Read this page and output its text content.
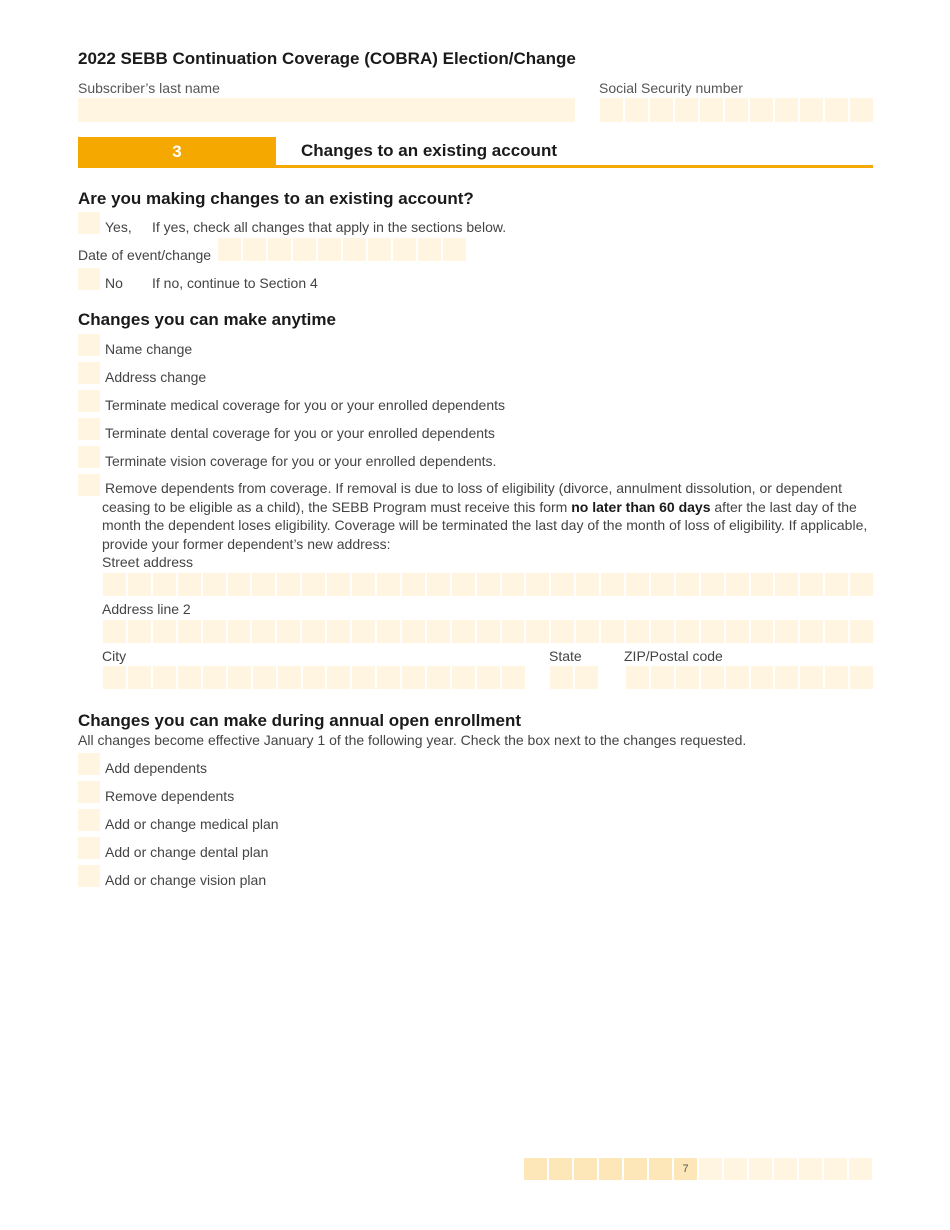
2022 SEBB Continuation Coverage (COBRA) Election/Change
Subscriber’s last name	Social Security number
3	Changes to an existing account
Are you making changes to an existing account?
Yes, If yes, check all changes that apply in the sections below.
Date of event/change
No If no, continue to Section 4
Changes you can make anytime
Name change
Address change
Terminate medical coverage for you or your enrolled dependents
Terminate dental coverage for you or your enrolled dependents
Terminate vision coverage for you or your enrolled dependents.
Remove dependents from coverage. If removal is due to loss of eligibility (divorce, annulment dissolution, or dependent ceasing to be eligible as a child), the SEBB Program must receive this form no later than 60 days after the last day of the month the dependent loses eligibility. Coverage will be terminated the last day of the month of loss of eligibility. If applicable, provide your former dependent’s new address:
Street address
Address line 2
City	State	ZIP/Postal code
Changes you can make during annual open enrollment
All changes become effective January 1 of the following year. Check the box next to the changes requested.
Add dependents
Remove dependents
Add or change medical plan
Add or change dental plan
Add or change vision plan
7
